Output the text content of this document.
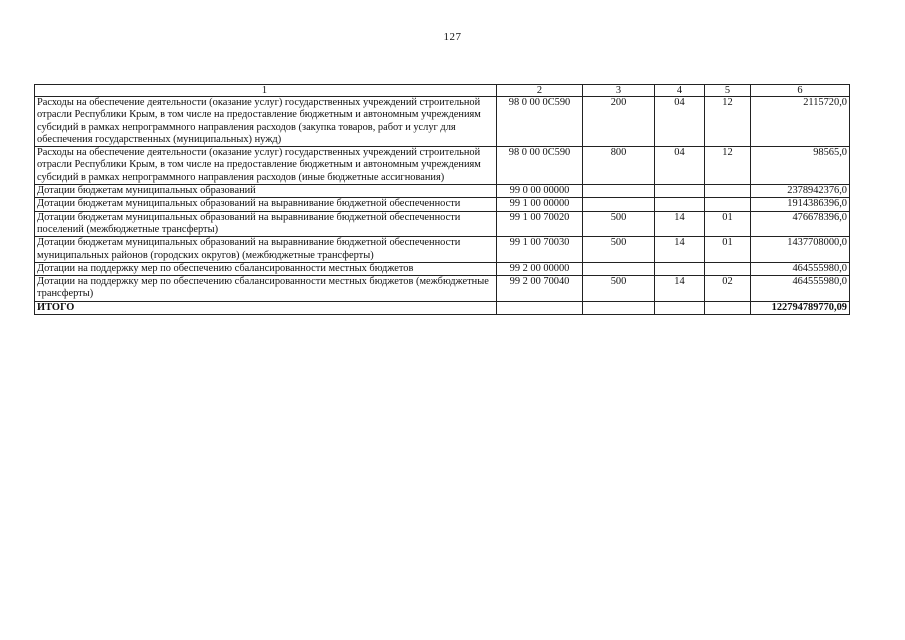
127
1	2	3	4	5	6
Расходы на обеспечение деятельности (оказание услуг) государственных учреждений строительной отрасли Республики Крым, в том числе на предоставление бюджетным и автономным учреждениям субсидий в рамках непрограммного направления расходов (закупка товаров, работ и услуг для обеспечения государственных (муниципальных) нужд)	98 0 00 0С590	200	04	12	2115720,0
Расходы на обеспечение деятельности (оказание услуг) государственных учреждений строительной отрасли Республики Крым, в том числе на предоставление бюджетным и автономным учреждениям субсидий в рамках непрограммного направления расходов (иные бюджетные ассигнования)	98 0 00 0С590	800	04	12	98565,0
Дотации бюджетам муниципальных образований	99 0 00 00000				2378942376,0
Дотации бюджетам муниципальных образований на выравнивание бюджетной обеспеченности	99 1 00 00000				1914386396,0
Дотации бюджетам муниципальных образований на выравнивание бюджетной обеспеченности поселений (межбюджетные трансферты)	99 1 00 70020	500	14	01	476678396,0
Дотации бюджетам муниципальных образований на выравнивание бюджетной обеспеченности муниципальных районов (городских округов) (межбюджетные трансферты)	99 1 00 70030	500	14	01	1437708000,0
Дотации на поддержку мер по обеспечению сбалансированности местных бюджетов	99 2 00 00000				464555980,0
Дотации на поддержку мер по обеспечению сбалансированности местных бюджетов (межбюджетные трансферты)	99 2 00 70040	500	14	02	464555980,0
ИТОГО					122794789770,09
